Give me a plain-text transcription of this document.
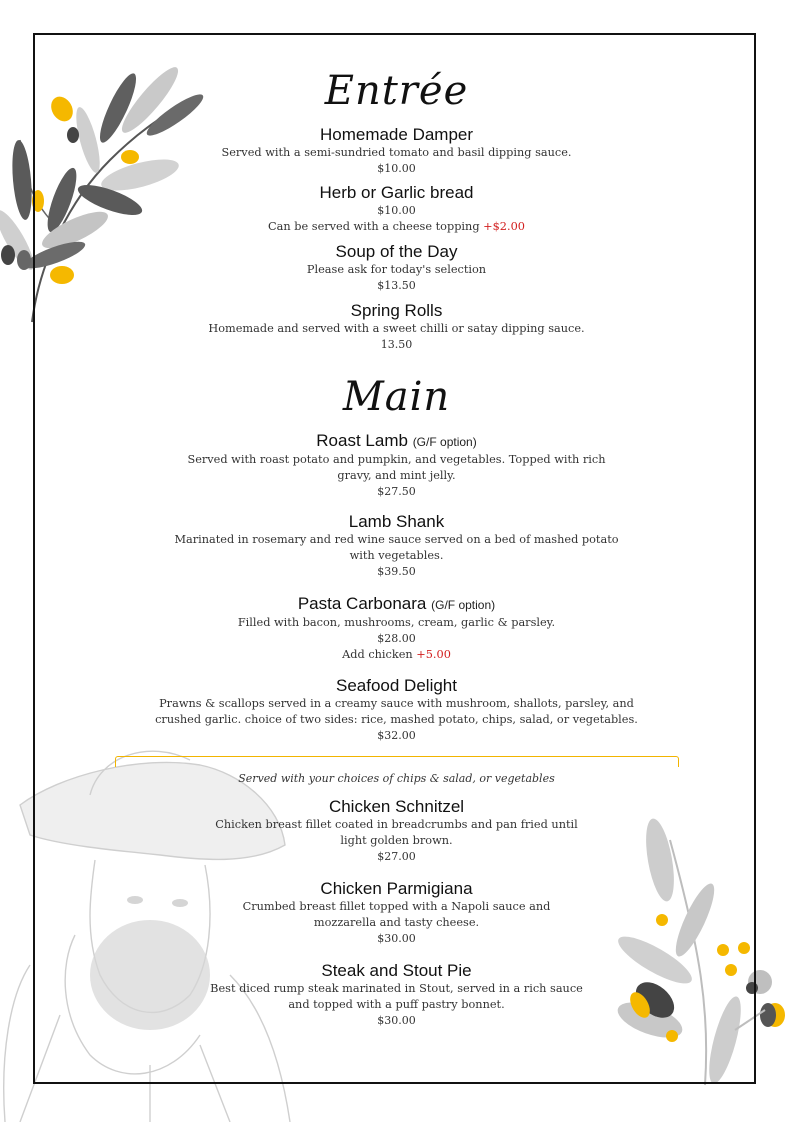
Entrée
Homemade Damper
Served with a semi-sundried tomato and basil dipping sauce.
$10.00
Herb or Garlic bread
$10.00
Can be served with a cheese topping +$2.00
Soup of the Day
Please ask for today's selection
$13.50
Spring Rolls
Homemade and served with a sweet chilli or satay dipping sauce.
13.50
Main
Roast Lamb (G/F option)
Served with roast potato and pumpkin, and vegetables. Topped with rich
gravy, and mint jelly.
$27.50
Lamb Shank
Marinated in rosemary and red wine sauce served on a bed of mashed potato
with vegetables.
$39.50
Pasta Carbonara (G/F option)
Filled with bacon, mushrooms, cream, garlic & parsley.
$28.00
Add chicken +5.00
Seafood Delight
Prawns & scallops served in a creamy sauce with mushroom, shallots, parsley, and
crushed garlic. choice of two sides: rice, mashed potato, chips, salad, or vegetables.
$32.00
Served with your choices of chips & salad, or vegetables
Chicken Schnitzel
Chicken breast fillet coated in breadcrumbs and pan fried until
light golden brown.
$27.00
Chicken Parmigiana
Crumbed breast fillet topped with a Napoli sauce and
mozzarella and tasty cheese.
$30.00
Steak and Stout Pie
Best diced rump steak marinated in Stout, served in a rich sauce
and topped with a puff pastry bonnet.
$30.00
